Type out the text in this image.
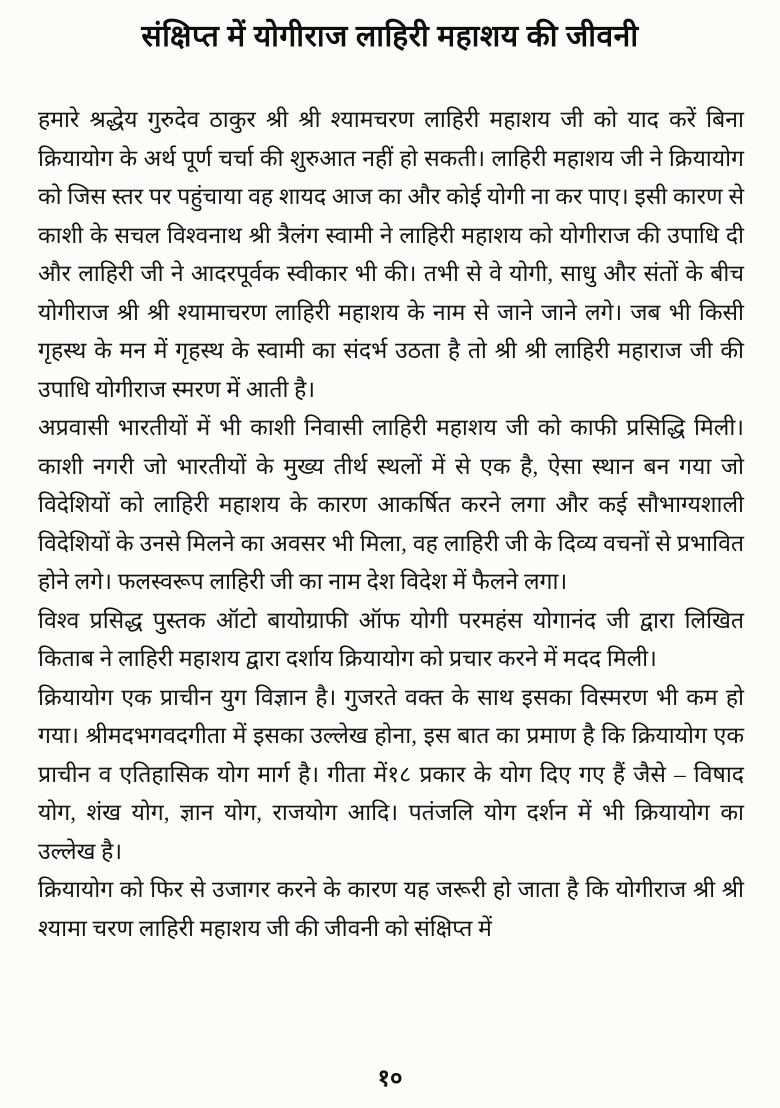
संक्षिप्त में योगीराज लाहिरी महाशय की जीवनी

हमारे श्रद्धेय गुरुदेव ठाकुर श्री श्री श्यामचरण लाहिरी महाशय जी को याद करें बिना क्रियायोग के अर्थ पूर्ण चर्चा की शुरुआत नहीं हो सकती। लाहिरी महाशय जी ने क्रियायोग को जिस स्तर पर पहुंचाया वह शायद आज का और कोई योगी ना कर पाए। इसी कारण से काशी के सचल विश्वनाथ श्री त्रैलंग स्वामी ने लाहिरी महाशय को योगीराज की उपाधि दी और लाहिरी जी ने आदरपूर्वक स्वीकार भी की। तभी से वे योगी, साधु और संतों के बीच योगीराज श्री श्री श्यामाचरण लाहिरी महाशय के नाम से जाने जाने लगे। जब भी किसी गृहस्थ के मन में गृहस्थ के स्वामी का संदर्भ उठता है तो श्री श्री लाहिरी महाराज जी की उपाधि योगीराज स्मरण में आती है।

अप्रवासी भारतीयों में भी काशी निवासी लाहिरी महाशय जी को काफी प्रसिद्धि मिली। काशी नगरी जो भारतीयों के मुख्य तीर्थ स्थलों में से एक है, ऐसा स्थान बन गया जो विदेशियों को लाहिरी महाशय के कारण आकर्षित करने लगा और कई सौभाग्यशाली विदेशियों के उनसे मिलने का अवसर भी मिला, वह लाहिरी जी के दिव्य वचनों से प्रभावित होने लगे। फलस्वरूप लाहिरी जी का नाम देश विदेश में फैलने लगा।

विश्व प्रसिद्ध पुस्तक ऑटो बायोग्राफी ऑफ योगी परमहंस योगानंद जी द्वारा लिखित किताब ने लाहिरी महाशय द्वारा दर्शाय क्रियायोग को प्रचार करने में मदद मिली।

क्रियायोग एक प्राचीन युग विज्ञान है। गुजरते वक्त के साथ इसका विस्मरण भी कम हो गया। श्रीमदभगवदगीता में इसका उल्लेख होना, इस बात का प्रमाण है कि क्रियायोग एक प्राचीन व एतिहासिक योग मार्ग है। गीता में१८ प्रकार के योग दिए गए हैं जैसे – विषाद योग, शंख योग, ज्ञान योग, राजयोग आदि। पतंजलि योग दर्शन में भी क्रियायोग का उल्लेख है।

क्रियायोग को फिर से उजागर करने के कारण यह जरूरी हो जाता है कि योगीराज श्री श्री श्यामा चरण लाहिरी महाशय जी की जीवनी को संक्षिप्त में

१०
